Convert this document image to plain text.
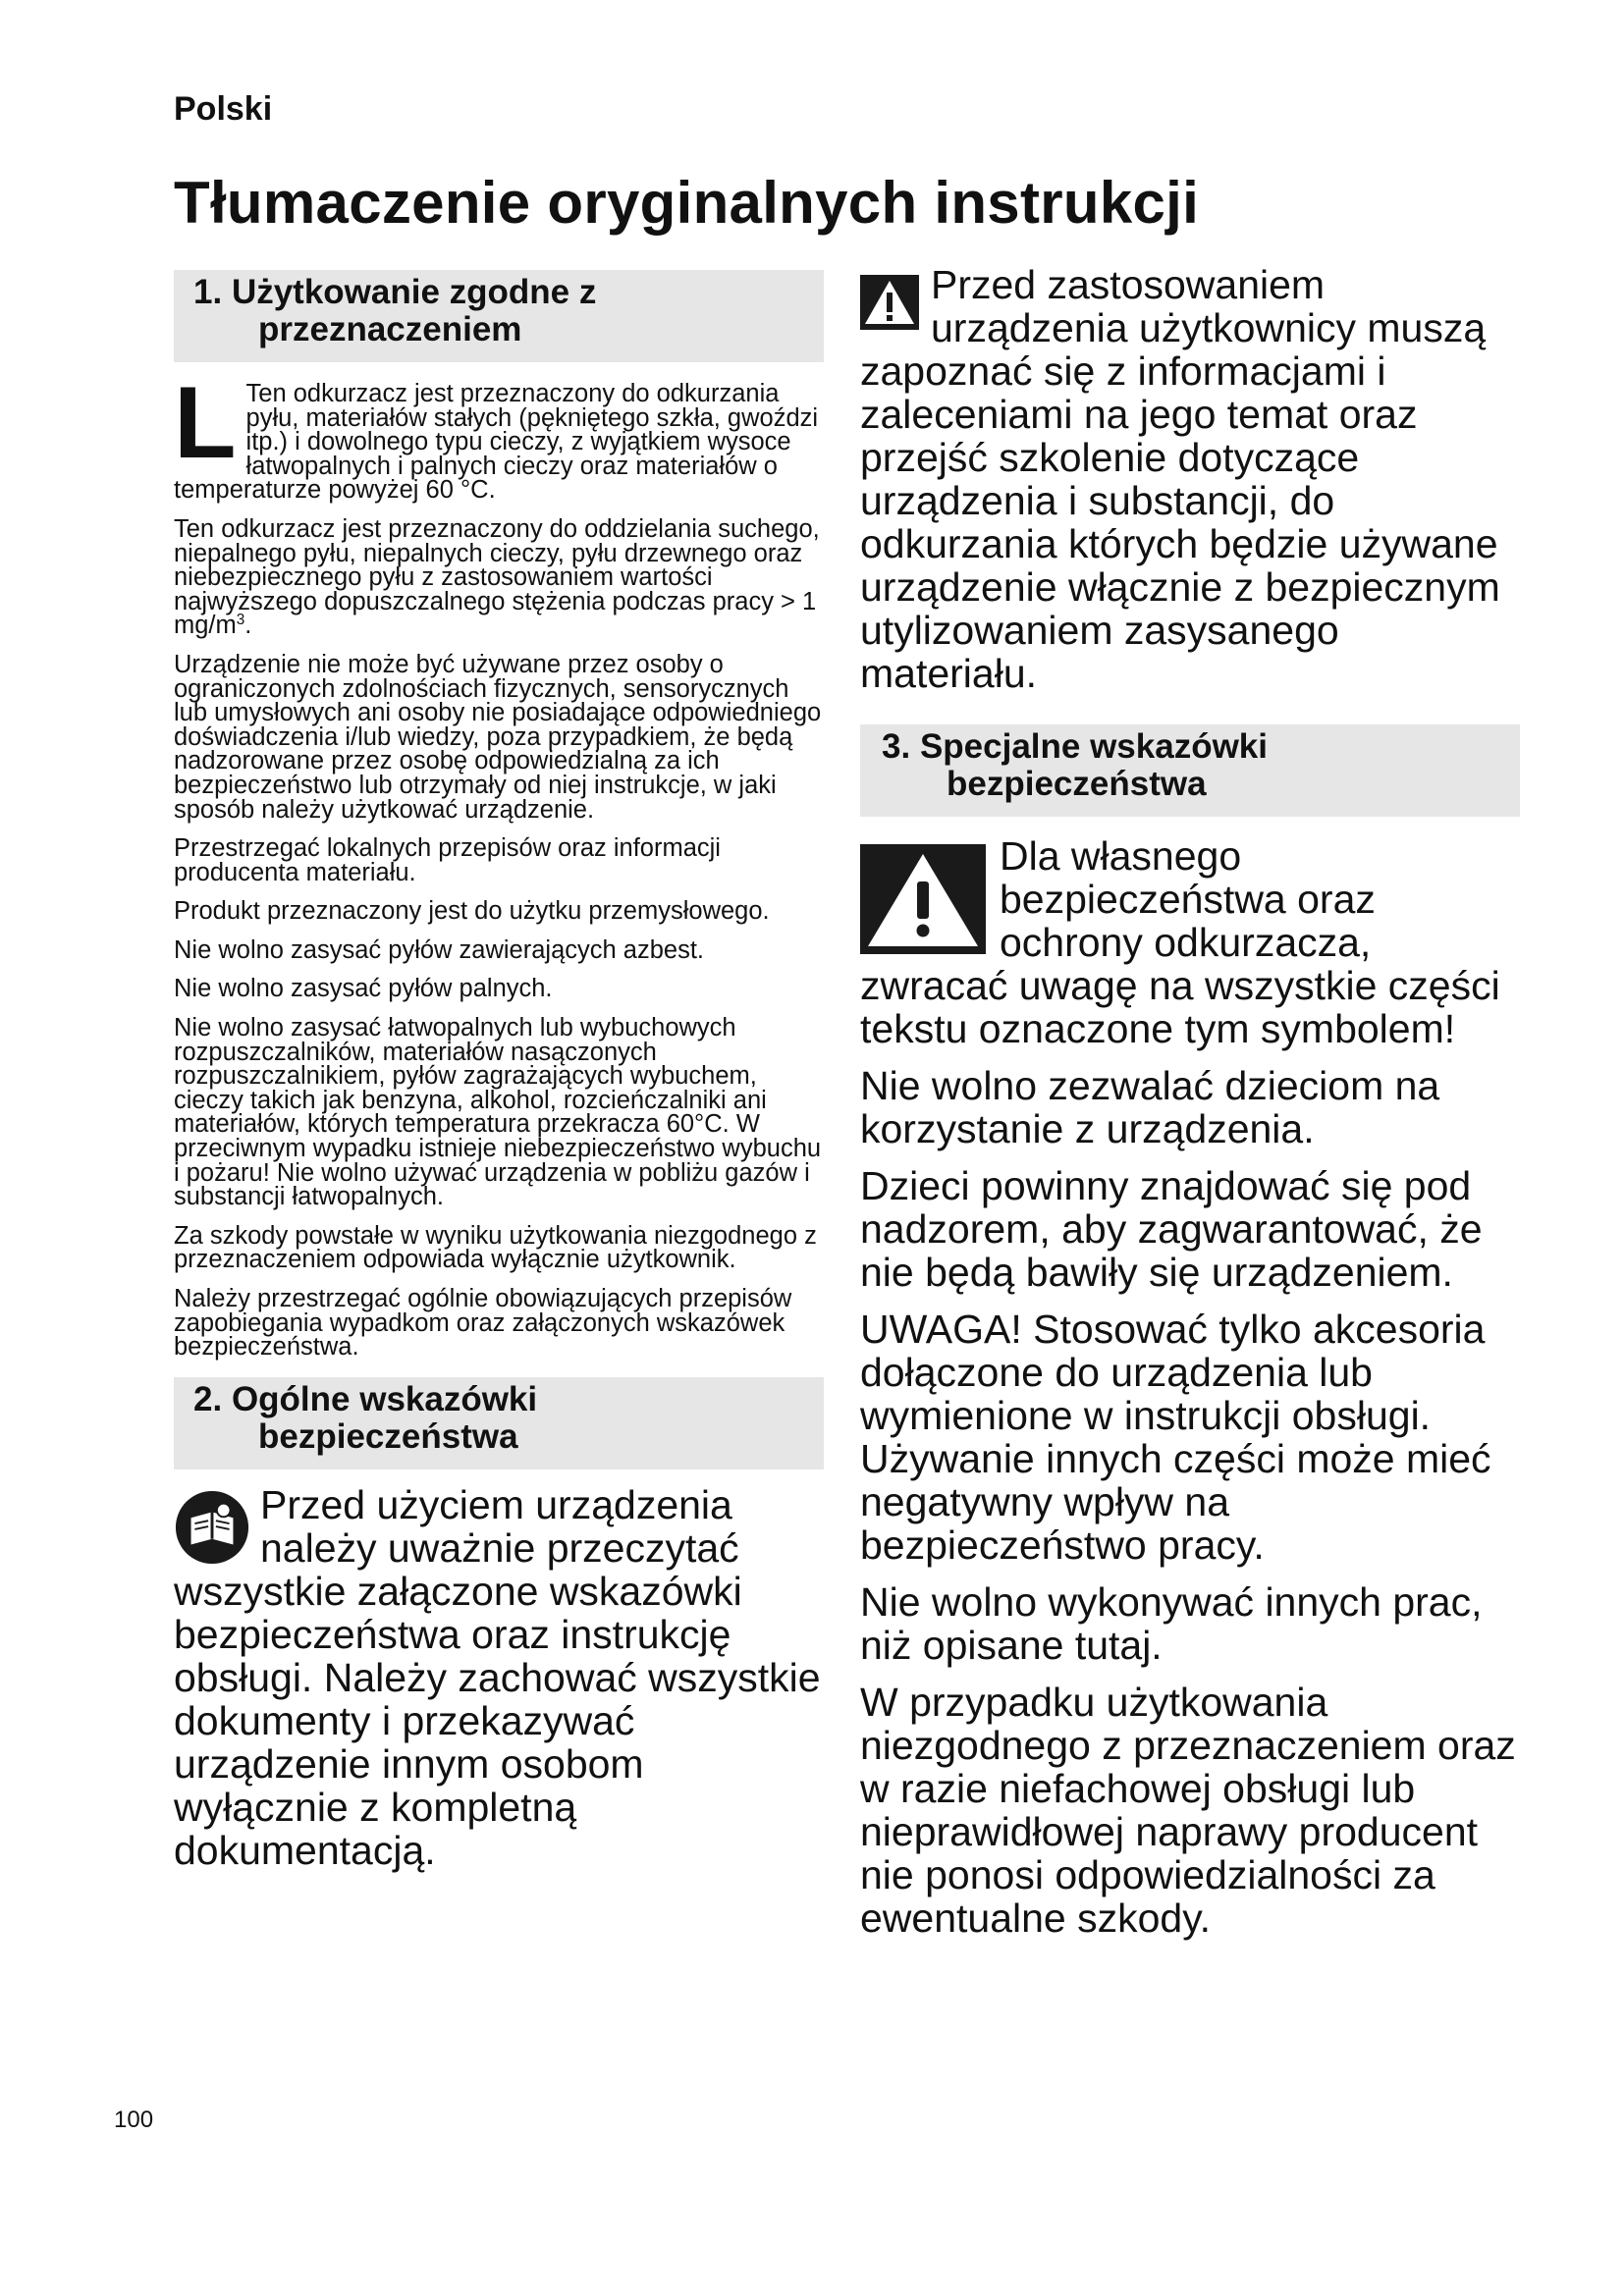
Polski
Tłumaczenie oryginalnych instrukcji
1. Użytkowanie zgodne z
przeznaczeniem

L Ten odkurzacz jest przeznaczony do odkurzania pyłu, materiałów stałych (pękniętego szkła, gwoździ itp.) i dowolnego typu cieczy, z wyjątkiem wysoce łatwopalnych i palnych cieczy oraz materiałów o temperaturze powyżej 60 °C.

Ten odkurzacz jest przeznaczony do oddzielania suchego, niepalnego pyłu, niepalnych cieczy, pyłu drzewnego oraz niebezpiecznego pyłu z zastosowaniem wartości najwyższego dopuszczalnego stężenia podczas pracy > 1 $mg/m^3$.

Urządzenie nie może być używane przez osoby o ograniczonych zdolnościach fizycznych, sensorycznych lub umysłowych ani osoby nie posiadające odpowiedniego doświadczenia i/lub wiedzy, poza przypadkiem, że będą nadzorowane przez osobę odpowiedzialną za ich bezpieczeństwo lub otrzymały od niej instrukcje, w jaki sposób należy użytkować urządzenie.

Przestrzegać lokalnych przepisów oraz informacji producenta materiału.

Produkt przeznaczony jest do użytku przemysłowego.

Nie wolno zasysać pyłów zawierających azbest.

Nie wolno zasysać pyłów palnych.

Nie wolno zasysać łatwopalnych lub wybuchowych rozpuszczalników, materiałów nasączonych rozpuszczalnikiem, pyłów zagrażających wybuchem, cieczy takich jak benzyna, alkohol, rozcieńczalniki ani materiałów, których temperatura przekracza 60°C. W przeciwnym wypadku istnieje niebezpieczeństwo wybuchu i pożaru! Nie wolno używać urządzenia w pobliżu gazów i substancji łatwopalnych.

Za szkody powstałe w wyniku użytkowania niezgodnego z przeznaczeniem odpowiada wyłącznie użytkownik.

Należy przestrzegać ogólnie obowiązujących przepisów zapobiegania wypadkom oraz załączonych wskazówek bezpieczeństwa.

2. Ogólne wskazówki
bezpieczeństwa

Przed użyciem urządzenia należy uważnie przeczytać wszystkie załączone wskazówki bezpieczeństwa oraz instrukcję obsługi. Należy zachować wszystkie dokumenty i przekazywać urządzenie innym osobom wyłącznie z kompletną dokumentacją.

Przed zastosowaniem urządzenia użytkownicy muszą zapoznać się z informacjami i zaleceniami na jego temat oraz przejść szkolenie dotyczące urządzenia i substancji, do odkurzania których będzie używane urządzenie włącznie z bezpiecznym utylizowaniem zasysanego materiału.

3. Specjalne wskazówki
bezpieczeństwa

Dla własnego bezpieczeństwa oraz ochrony odkurzacza, zwracać uwagę na wszystkie części tekstu oznaczone tym symbolem!

Nie wolno zezwalać dzieciom na korzystanie z urządzenia.

Dzieci powinny znajdować się pod nadzorem, aby zagwarantować, że nie będą bawiły się urządzeniem.

UWAGA! Stosować tylko akcesoria dołączone do urządzenia lub wymienione w instrukcji obsługi. Używanie innych części może mieć negatywny wpływ na bezpieczeństwo pracy.

Nie wolno wykonywać innych prac, niż opisane tutaj.

W przypadku użytkowania niezgodnego z przeznaczeniem oraz w razie niefachowej obsługi lub nieprawidłowej naprawy producent nie ponosi odpowiedzialności za ewentualne szkody.

100
